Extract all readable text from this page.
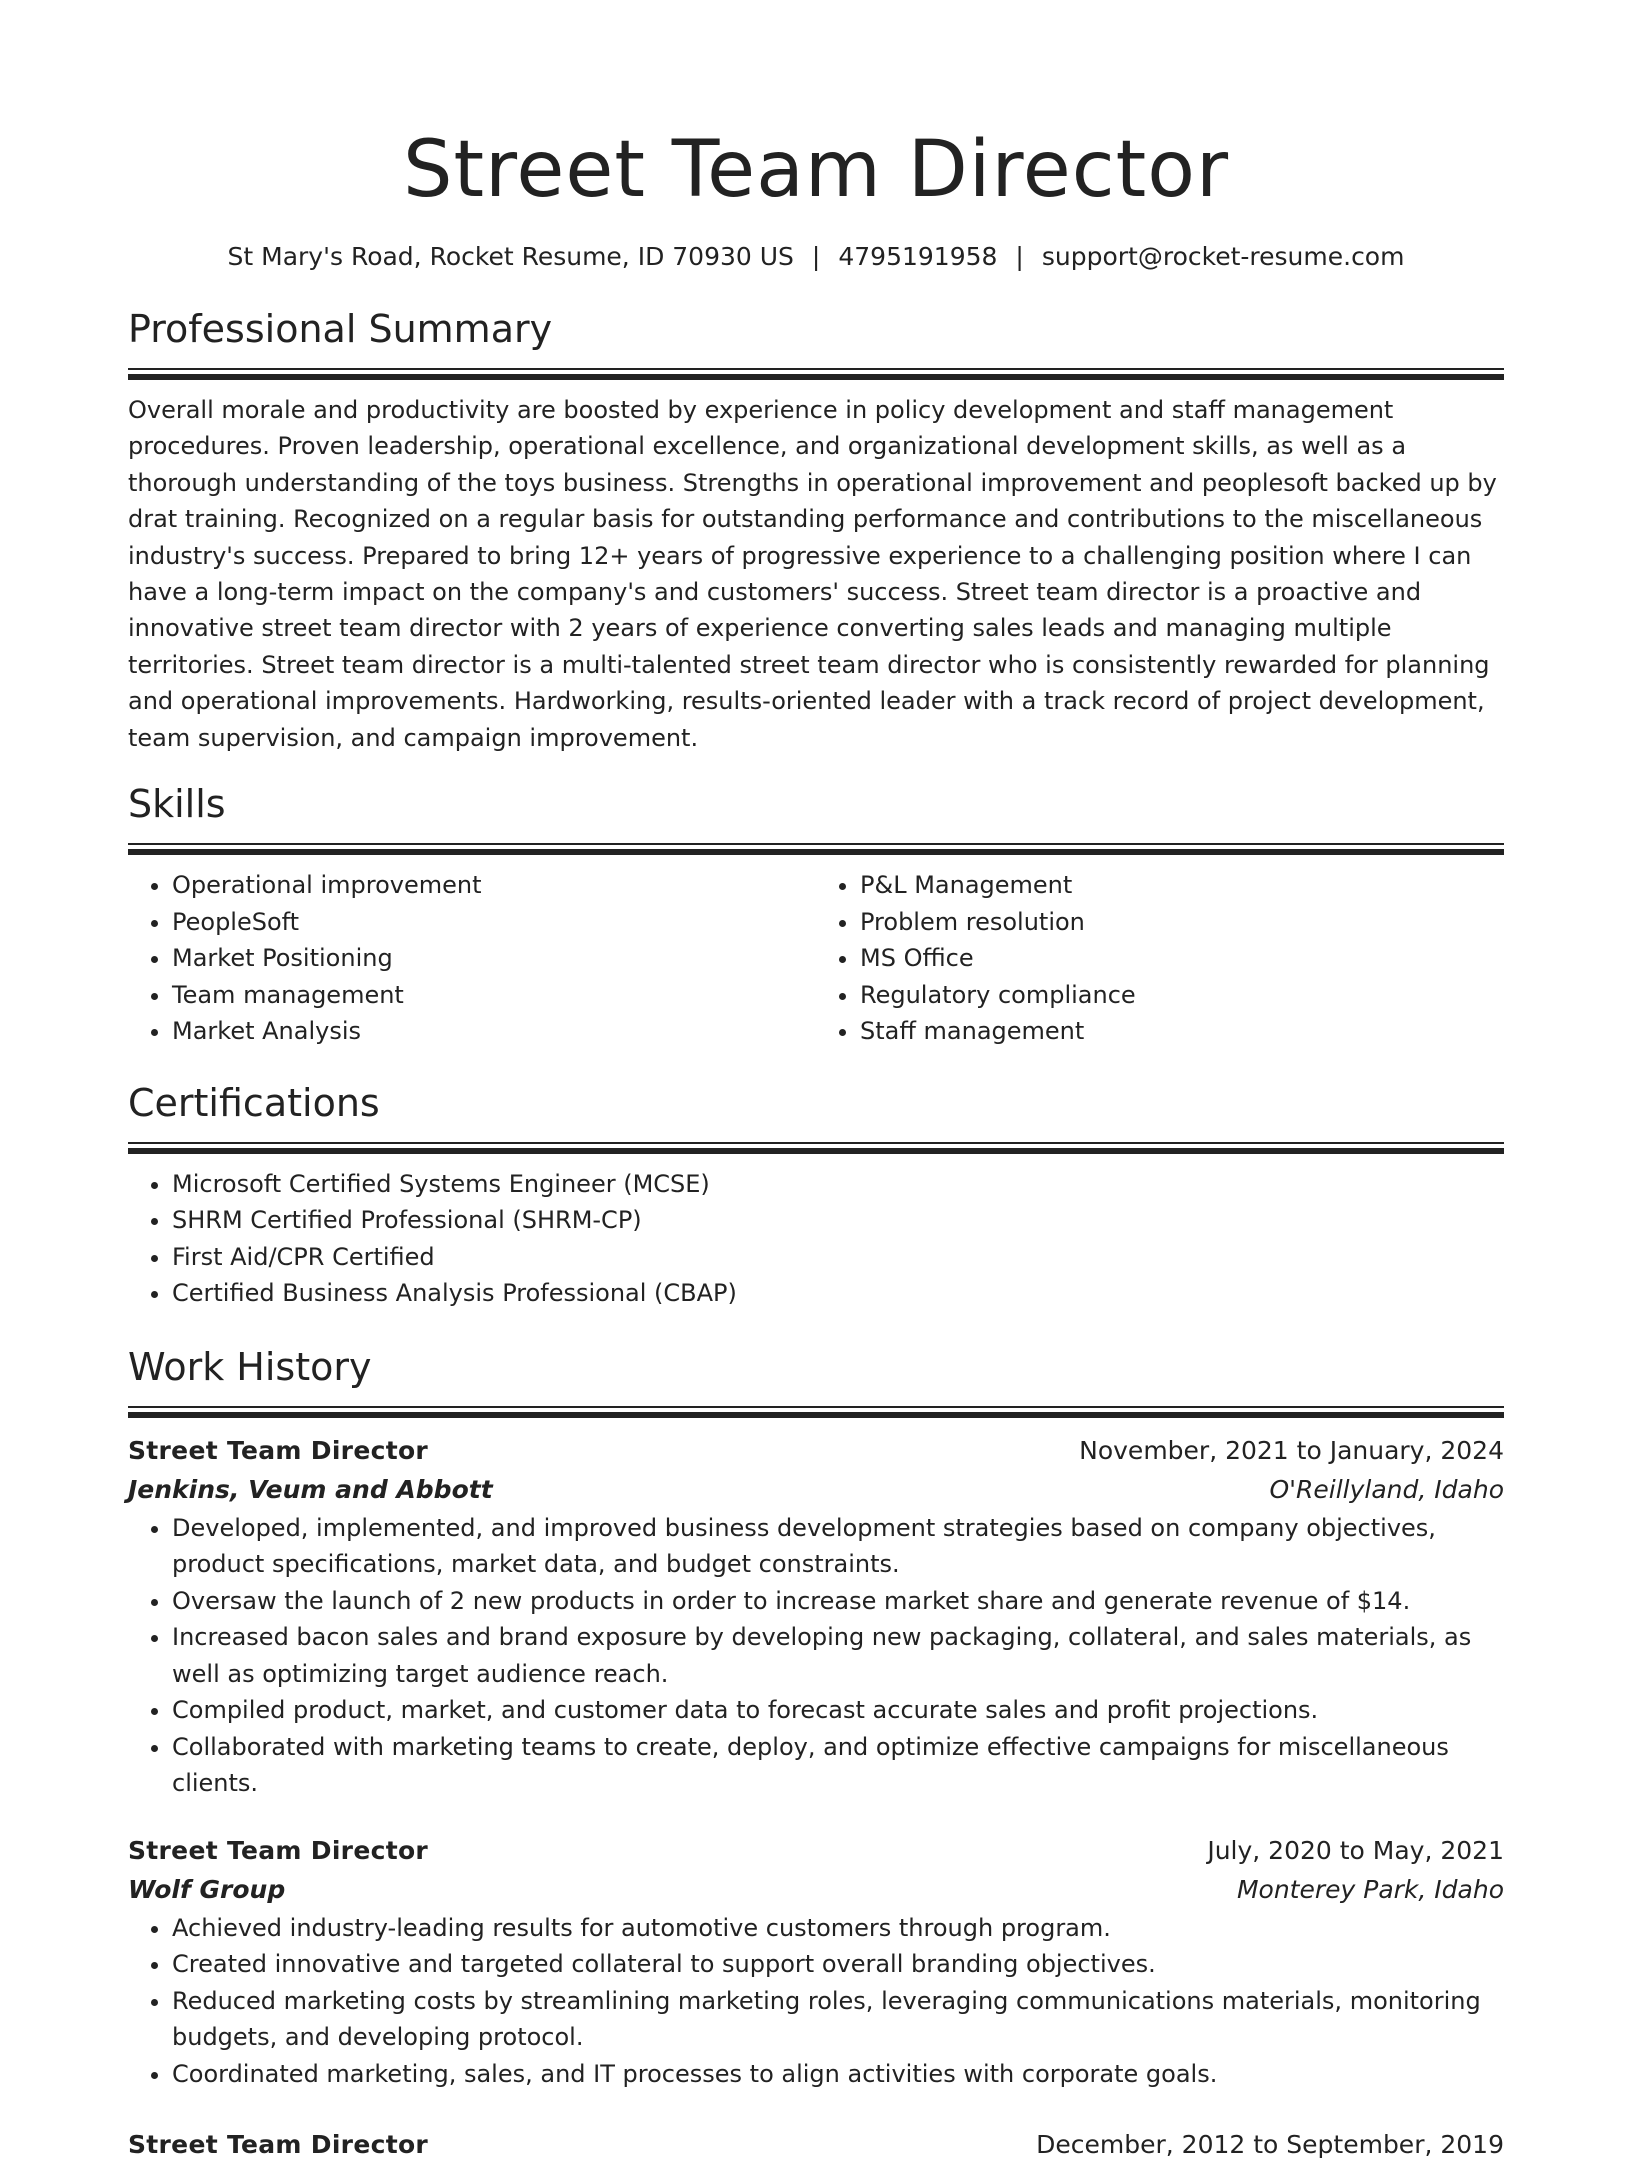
Street Team Director
St Mary's Road, Rocket Resume, ID 70930 US | 4795191958 | support@rocket-resume.com
Professional Summary

Overall morale and productivity are boosted by experience in policy development and staff management procedures. Proven leadership, operational excellence, and organizational development skills, as well as a thorough understanding of the toys business. Strengths in operational improvement and peoplesoft backed up by drat training. Recognized on a regular basis for outstanding performance and contributions to the miscellaneous industry's success. Prepared to bring 12+ years of progressive experience to a challenging position where I can have a long-term impact on the company's and customers' success. Street team director is a proactive and innovative street team director with 2 years of experience converting sales leads and managing multiple territories. Street team director is a multi-talented street team director who is consistently rewarded for planning and operational improvements. Hardworking, results-oriented leader with a track record of project development, team supervision, and campaign improvement.

Skills
• Operational improvement
• PeopleSoft
• Market Positioning
• Team management
• Market Analysis
• P&L Management
• Problem resolution
• MS Office
• Regulatory compliance
• Staff management
Certifications
• Microsoft Certified Systems Engineer (MCSE)
• SHRM Certified Professional (SHRM-CP)
• First Aid/CPR Certified
• Certified Business Analysis Professional (CBAP)
Work History
Street Team Director	November, 2021 to January, 2024
Jenkins, Veum and Abbott	O'Reillyland, Idaho
• Developed, implemented, and improved business development strategies based on company objectives, product specifications, market data, and budget constraints.
• Oversaw the launch of 2 new products in order to increase market share and generate revenue of $14.
• Increased bacon sales and brand exposure by developing new packaging, collateral, and sales materials, as well as optimizing target audience reach.
• Compiled product, market, and customer data to forecast accurate sales and profit projections.
• Collaborated with marketing teams to create, deploy, and optimize effective campaigns for miscellaneous clients.
Street Team Director	July, 2020 to May, 2021
Wolf Group	Monterey Park, Idaho
• Achieved industry-leading results for automotive customers through program.
• Created innovative and targeted collateral to support overall branding objectives.
• Reduced marketing costs by streamlining marketing roles, leveraging communications materials, monitoring budgets, and developing protocol.
• Coordinated marketing, sales, and IT processes to align activities with corporate goals.
Street Team Director	December, 2012 to September, 2019
